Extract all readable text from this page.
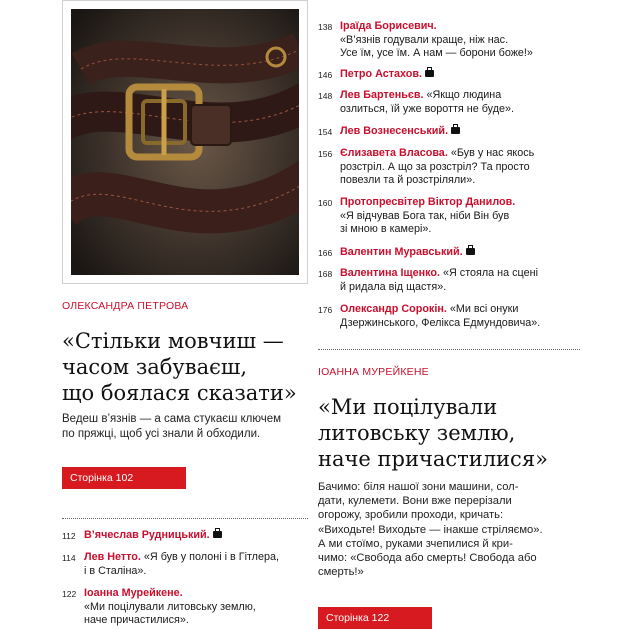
ОЛЕКСАНДРА ПЕТРОВА
«Стільки мовчиш —
часом забуваєш,
що боялася сказати»
Ведеш в’язнів — а сама стукаєш ключем
по пряжці, щоб усі знали й обходили.
Сторінка 102
112 В’ячеслав Рудницький.
114 Лев Нетто. «Я був у полоні і в Гітлера,
і в Сталіна».
122 Іоанна Мурейкене.
«Ми поцілували литовську землю,
наче причастилися».
138 Іраїда Борисевич.
«В’язнів годували краще, ніж нас.
Усе їм, усе їм. А нам — борони боже!»
146 Петро Астахов.
148 Лев Бартеньєв. «Якщо людина
озлиться, їй уже вороття не буде».
154 Лев Вознесенський.
156 Єлизавета Власова. «Був у нас якось
розстріл. А що за розстріл? Та просто
повезли та й розстріляли».
160 Протопресвітер Віктор Данилов.
«Я відчував Бога так, ніби Він був
зі мною в камері».
166 Валентин Муравський.
168 Валентина Іщенко. «Я стояла на сцені
й ридала від щастя».
176 Олександр Сорокін. «Ми всі онуки
Дзержинського, Фелікса Едмундовича».
ІОАННА МУРЕЙКЕНЕ
«Ми поцілували
литовську землю,
наче причастилися»
Бачимо: біля нашої зони машини, сол-
дати, кулемети. Вони вже перерізали
огорожу, зробили проходи, кричать:
«Виходьте! Виходьте — інакше стріляємо».
А ми стоїмо, руками зчепилися й кри-
чимо: «Свобода або смерть! Свобода або
смерть!»
Сторінка 122
